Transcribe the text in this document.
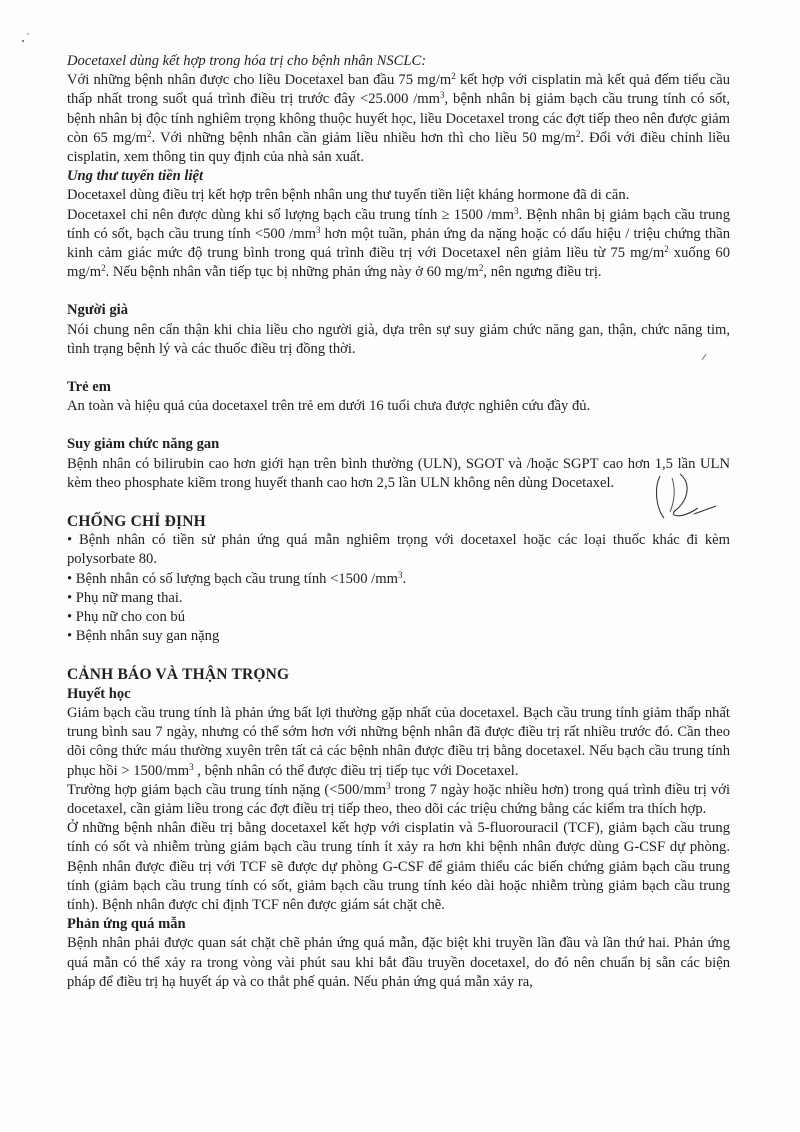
Docetaxel dùng kết hợp trong hóa trị cho bệnh nhân NSCLC:

Với những bệnh nhân được cho liều Docetaxel ban đầu 75 $mg/m^2$ kết hợp với cisplatin mà kết quả đếm tiểu cầu thấp nhất trong suốt quá trình điều trị trước đây <25.000 $/mm^3$, bệnh nhân bị giảm bạch cầu trung tính có sốt, bệnh nhân bị độc tính nghiêm trọng không thuộc huyết học, liều Docetaxel trong các đợt tiếp theo nên được giảm còn 65 $mg/m^2$. Với những bệnh nhân cần giảm liều nhiều hơn thì cho liều 50 $mg/m^2$. Đối với điều chỉnh liều cisplatin, xem thông tin quy định của nhà sản xuất.

Ung thư tuyến tiền liệt

Docetaxel dùng điều trị kết hợp trên bệnh nhân ung thư tuyến tiền liệt kháng hormone đã di căn.

Docetaxel chỉ nên được dùng khi số lượng bạch cầu trung tính ≥ 1500 $/mm^3$. Bệnh nhân bị giảm bạch cầu trung tính có sốt, bạch cầu trung tính <500 $/mm^3$ hơn một tuần, phản ứng da nặng hoặc có dấu hiệu / triệu chứng thần kinh cảm giác mức độ trung bình trong quá trình điều trị với Docetaxel nên giảm liều từ 75 $mg/m^2$ xuống 60 $mg/m^2$. Nếu bệnh nhân vẫn tiếp tục bị những phản ứng này ở 60 $mg/m^2$, nên ngưng điều trị.

Người già

Nói chung nên cẩn thận khi chia liều cho người già, dựa trên sự suy giảm chức năng gan, thận, chức năng tim, tình trạng bệnh lý và các thuốc điều trị đồng thời.

Trẻ em

An toàn và hiệu quả của docetaxel trên trẻ em dưới 16 tuổi chưa được nghiên cứu đầy đủ.

Suy giảm chức năng gan

Bệnh nhân có bilirubin cao hơn giới hạn trên bình thường (ULN), SGOT và /hoặc SGPT cao hơn 1,5 lần ULN kèm theo phosphate kiềm trong huyết thanh cao hơn 2,5 lần ULN không nên dùng Docetaxel.

CHỐNG CHỈ ĐỊNH

• Bệnh nhân có tiền sử phản ứng quá mẫn nghiêm trọng với docetaxel hoặc các loại thuốc khác đi kèm polysorbate 80.

• Bệnh nhân có số lượng bạch cầu trung tính <1500 $/mm^3$.

• Phụ nữ mang thai.

• Phụ nữ cho con bú

• Bệnh nhân suy gan nặng

CẢNH BÁO VÀ THẬN TRỌNG

Huyết học

Giảm bạch cầu trung tính là phản ứng bất lợi thường gặp nhất của docetaxel. Bạch cầu trung tính giảm thấp nhất trung bình sau 7 ngày, nhưng có thể sớm hơn với những bệnh nhân đã được điều trị rất nhiều trước đó. Cần theo dõi công thức máu thường xuyên trên tất cả các bệnh nhân được điều trị bằng docetaxel. Nếu bạch cầu trung tính phục hồi > $1500/mm^3$ , bệnh nhân có thể được điều trị tiếp tục với Docetaxel.

Trường hợp giảm bạch cầu trung tính nặng ($<500/mm^3$ trong 7 ngày hoặc nhiều hơn) trong quá trình điều trị với docetaxel, cần giảm liều trong các đợt điều trị tiếp theo, theo dõi các triệu chứng bằng các kiểm tra thích hợp.

Ở những bệnh nhân điều trị bằng docetaxel kết hợp với cisplatin và 5-fluorouracil (TCF), giảm bạch cầu trung tính có sốt và nhiễm trùng giảm bạch cầu trung tính ít xảy ra hơn khi bệnh nhân được dùng G-CSF dự phòng. Bệnh nhân được điều trị với TCF sẽ được dự phòng G-CSF để giảm thiểu các biến chứng giảm bạch cầu trung tính (giảm bạch cầu trung tính có sốt, giảm bạch cầu trung tính kéo dài hoặc nhiễm trùng giảm bạch cầu trung tính). Bệnh nhân được chỉ định TCF nên được giám sát chặt chẽ.

Phản ứng quá mẫn

Bệnh nhân phải được quan sát chặt chẽ phản ứng quá mẫn, đặc biệt khi truyền lần đầu và lần thứ hai. Phản ứng quá mẫn có thể xảy ra trong vòng vài phút sau khi bắt đầu truyền docetaxel, do đó nên chuẩn bị sẵn các biện pháp để điều trị hạ huyết áp và co thắt phế quản. Nếu phản ứng quá mẫn xảy ra,
